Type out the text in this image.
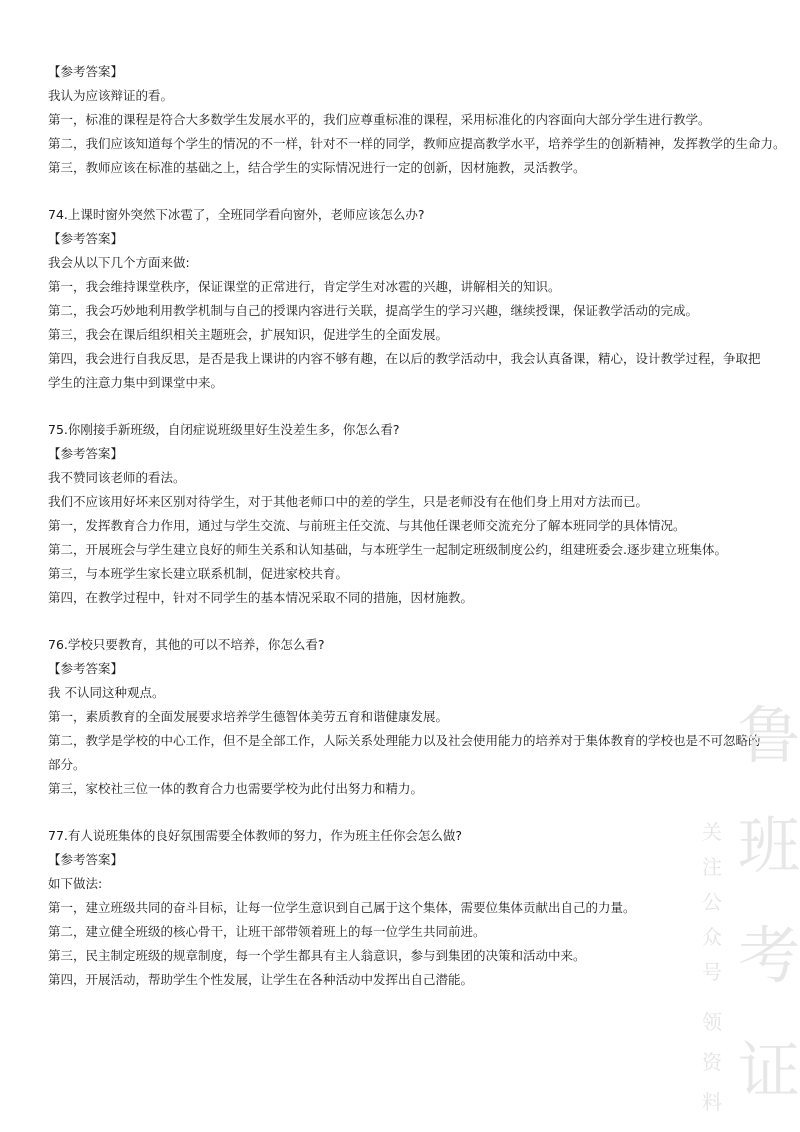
【参考答案】
我认为应该辩证的看。
第一，标准的课程是符合大多数学生发展水平的，我们应尊重标准的课程，采用标准化的内容面向大部分学生进行教学。
第二，我们应该知道每个学生的情况的不一样，针对不一样的同学，教师应提高教学水平，培养学生的创新精神，发挥教学的生命力。
第三，教师应该在标准的基础之上，结合学生的实际情况进行一定的创新，因材施教，灵活教学。
74.上课时窗外突然下冰雹了，全班同学看向窗外，老师应该怎么办?
【参考答案】
我会从以下几个方面来做:
第一，我会维持课堂秩序，保证课堂的正常进行，肯定学生对冰雹的兴趣，讲解相关的知识。
第二，我会巧妙地利用教学机制与自己的授课内容进行关联，提高学生的学习兴趣，继续授课，保证教学活动的完成。
第三，我会在课后组织相关主题班会，扩展知识，促进学生的全面发展。
第四，我会进行自我反思，是否是我上课讲的内容不够有趣，在以后的教学活动中，我会认真备课，精心，设计教学过程，争取把学生的注意力集中到课堂中来。
75.你刚接手新班级，自闭症说班级里好生没差生多，你怎么看?
【参考答案】
我不赞同该老师的看法。
我们不应该用好坏来区别对待学生，对于其他老师口中的差的学生，只是老师没有在他们身上用对方法而已。
第一，发挥教育合力作用，通过与学生交流、与前班主任交流、与其他任课老师交流充分了解本班同学的具体情况。
第二，开展班会与学生建立良好的师生关系和认知基础，与本班学生一起制定班级制度公约，组建班委会.逐步建立班集体。
第三，与本班学生家长建立联系机制，促进家校共育。
第四，在教学过程中，针对不同学生的基本情况采取不同的措施，因材施教。
76.学校只要教育，其他的可以不培养，你怎么看?
【参考答案】
我 不认同这种观点。
第一，素质教育的全面发展要求培养学生德智体美劳五育和谐健康发展。
第二，教学是学校的中心工作，但不是全部工作，人际关系处理能力以及社会使用能力的培养对于集体教育的学校也是不可忽略的部分。
第三，家校社三位一体的教育合力也需要学校为此付出努力和精力。
77.有人说班集体的良好氛围需要全体教师的努力，作为班主任你会怎么做?
【参考答案】
如下做法:
第一，建立班级共同的奋斗目标，让每一位学生意识到自己属于这个集体，需要位集体贡献出自己的力量。
第二，建立健全班级的核心骨干，让班干部带领着班上的每一位学生共同前进。
第三，民主制定班级的规章制度，每一个学生都具有主人翁意识，参与到集团的决策和活动中来。
第四，开展活动，帮助学生个性发展，让学生在各种活动中发挥出自己潜能。
鲁
班
考
证
关
注
公
众
号
领
资
料
